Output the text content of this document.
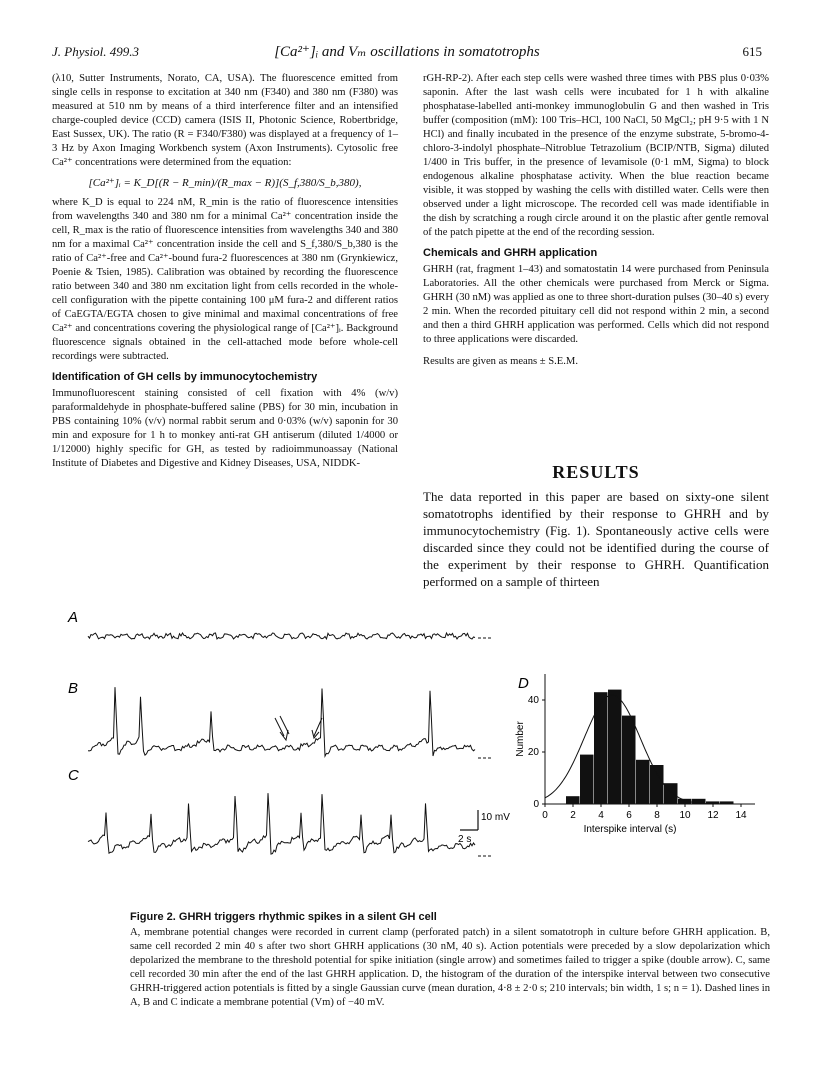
J. Physiol. 499.3	[Ca²⁺]ᵢ and Vₘ oscillations in somatotrophs	615

(λ10, Sutter Instruments, Norato, CA, USA). The fluorescence emitted from single cells in response to excitation at 340 nm (F340) and 380 nm (F380) was measured at 510 nm by means of a third interference filter and an intensified charge-coupled device (CCD) camera (ISIS II, Photonic Science, Robertbridge, East Sussex, UK). The ratio (R = F340/F380) was displayed at a frequency of 1–3 Hz by Axon Imaging Workbench system (Axon Instruments). Cytosolic free Ca²⁺ concentrations were determined from the equation:

[Ca²⁺]ᵢ = K_D[(R − R_min)/(R_max − R)](S_f,380/S_b,380),

where K_D is equal to 224 nM, R_min is the ratio of fluorescence intensities from wavelengths 340 and 380 nm for a minimal Ca²⁺ concentration inside the cell, R_max is the ratio of fluorescence intensities from wavelengths 340 and 380 nm for a maximal Ca²⁺ concentration inside the cell and S_f,380/S_b,380 is the ratio of Ca²⁺-free and Ca²⁺-bound fura-2 fluorescences at 380 nm (Grynkiewicz, Poenie & Tsien, 1985). Calibration was obtained by recording the fluorescence ratio between 340 and 380 nm excitation light from cells recorded in the whole-cell configuration with the pipette containing 100 μM fura-2 and different ratios of CaEGTA/EGTA chosen to give minimal and maximal concentrations of free Ca²⁺ and concentrations covering the physiological range of [Ca²⁺]ᵢ. Background fluorescence signals obtained in the cell-attached mode before whole-cell recordings were subtracted.

Identification of GH cells by immunocytochemistry

Immunofluorescent staining consisted of cell fixation with 4% (w/v) paraformaldehyde in phosphate-buffered saline (PBS) for 30 min, incubation in PBS containing 10% (v/v) normal rabbit serum and 0·03% (w/v) saponin for 30 min and exposure for 1 h to monkey anti-rat GH antiserum (diluted 1/4000 or 1/12000) highly specific for GH, as tested by radioimmunoassay (National Institute of Diabetes and Digestive and Kidney Diseases, USA, NIDDK-

rGH-RP-2). After each step cells were washed three times with PBS plus 0·03% saponin. After the last wash cells were incubated for 1 h with alkaline phosphatase-labelled anti-monkey immunoglobulin G and then washed in Tris buffer (composition (mM): 100 Tris–HCl, 100 NaCl, 50 MgCl₂; pH 9·5 with 1 N HCl) and finally incubated in the presence of the enzyme substrate, 5-bromo-4-chloro-3-indolyl phosphate–Nitroblue Tetrazolium (BCIP/NTB, Sigma) diluted 1/400 in Tris buffer, in the presence of levamisole (0·1 mM, Sigma) to block endogenous alkaline phosphatase activity. When the blue reaction became visible, it was stopped by washing the cells with distilled water. Cells were then observed under a light microscope. The recorded cell was made identifiable in the dish by scratching a rough circle around it on the plastic after gentle removal of the patch pipette at the end of the recording session.

Chemicals and GHRH application

GHRH (rat, fragment 1–43) and somatostatin 14 were purchased from Peninsula Laboratories. All the other chemicals were purchased from Merck or Sigma. GHRH (30 nM) was applied as one to three short-duration pulses (30–40 s) every 2 min. When the recorded pituitary cell did not respond within 2 min, a second and then a third GHRH application was performed. Cells which did not respond to three applications were discarded.

Results are given as means ± S.E.M.

RESULTS
The data reported in this paper are based on sixty-one silent somatotrophs identified by their response to GHRH and by immunocytochemistry (Fig. 1). Spontaneously active cells were discarded since they could not be identified during the course of the experiment by their response to GHRH. Quantification performed on a sample of thirteen
A
B
C
D
10 mV
2 s
0 2 4 6 8 10 12 14
0
20
40
Number
Interspike interval (s)
Figure 2. GHRH triggers rhythmic spikes in a silent GH cell
A, membrane potential changes were recorded in current clamp (perforated patch) in a silent somatotroph in culture before GHRH application. B, same cell recorded 2 min 40 s after two short GHRH applications (30 nM, 40 s). Action potentials were preceded by a slow depolarization which depolarized the membrane to the threshold potential for spike initiation (single arrow) and sometimes failed to trigger a spike (double arrow). C, same cell recorded 30 min after the end of the last GHRH application. D, the histogram of the duration of the interspike interval between two consecutive GHRH-triggered action potentials is fitted by a single Gaussian curve (mean duration, 4·8 ± 2·0 s; 210 intervals; bin width, 1 s; n = 1). Dashed lines in A, B and C indicate a membrane potential (Vm) of −40 mV.
